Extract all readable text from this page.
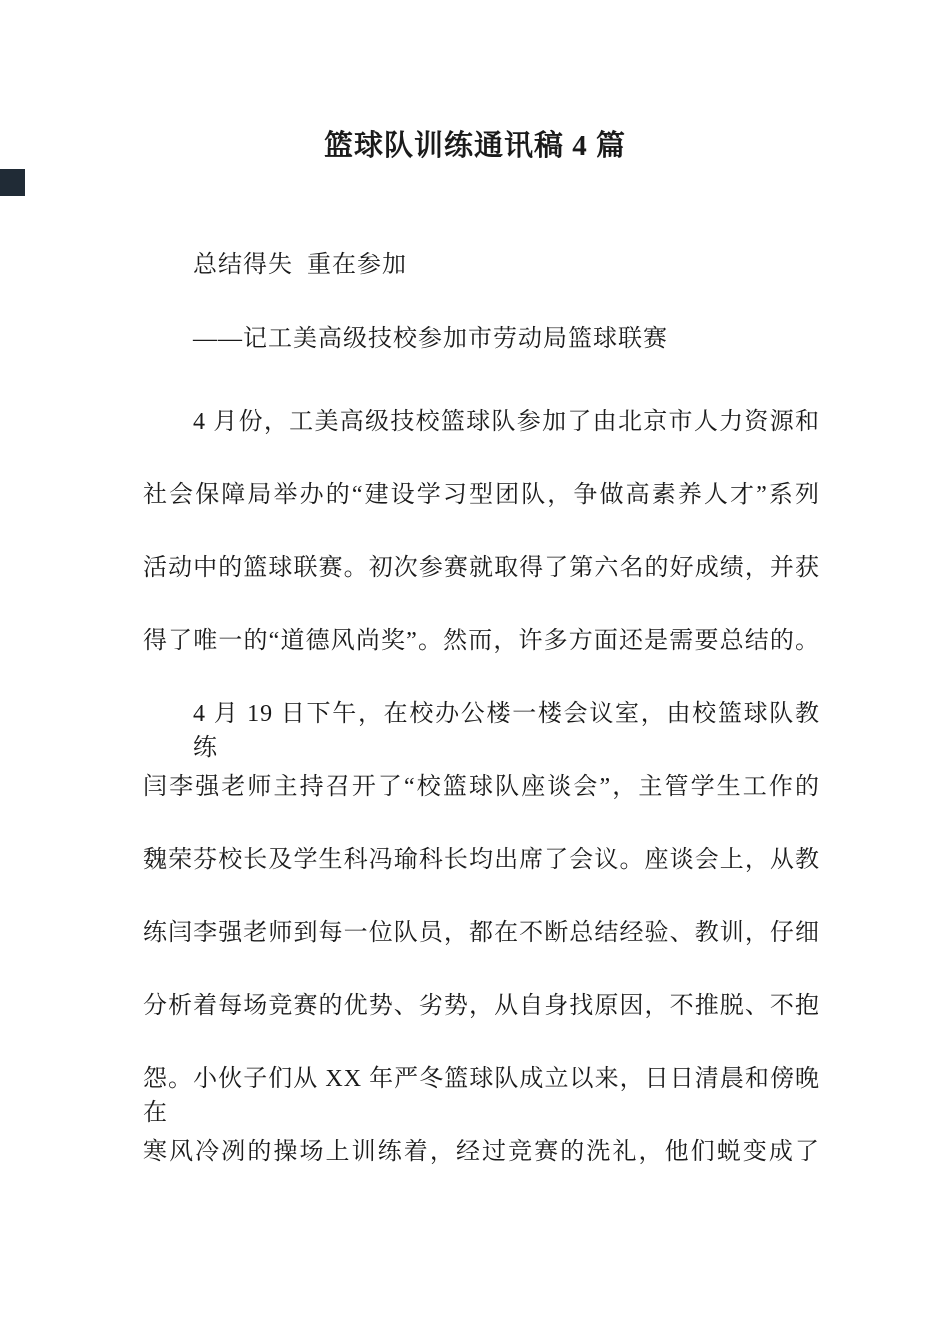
篮球队训练通讯稿 4 篇
总结得失  重在参加
——记工美高级技校参加市劳动局篮球联赛
4 月份，工美高级技校篮球队参加了由北京市人力资源和
社会保障局举办的“建设学习型团队，争做高素养人才”系列
活动中的篮球联赛。初次参赛就取得了第六名的好成绩，并获
得了唯一的“道德风尚奖”。然而，许多方面还是需要总结的。
4 月 19 日下午，在校办公楼一楼会议室，由校篮球队教练
闫李强老师主持召开了“校篮球队座谈会”，主管学生工作的
魏荣芬校长及学生科冯瑜科长均出席了会议。座谈会上，从教
练闫李强老师到每一位队员，都在不断总结经验、教训，仔细
分析着每场竞赛的优势、劣势，从自身找原因，不推脱、不抱
怨。小伙子们从 XX 年严冬篮球队成立以来，日日清晨和傍晚在
寒风冷冽的操场上训练着，经过竞赛的洗礼，他们蜕变成了
